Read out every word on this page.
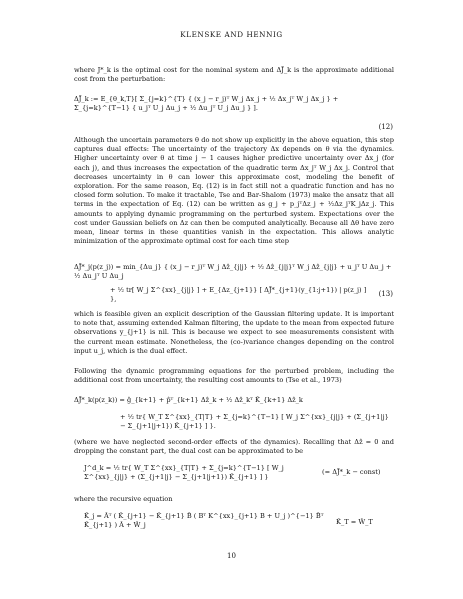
KLENSKE AND HENNIG
where J*_k is the optimal cost for the nominal system and ΔJ̃_k is the approximate additional cost from the perturbation:
ΔJ̃_k := E_{θ_k,T}[ Σ_{j=k}^{T} { (x_j − r_j)ᵀ W_j Δx_j + ½ Δx_jᵀ W_j Δx_j } + Σ_{j=k}^{T−1} { u_jᵀ U_j Δu_j + ½ Δu_jᵀ U_j Δu_j } ].
(12)
Although the uncertain parameters θ do not show up explicitly in the above equation, this step captures dual effects: The uncertainty of the trajectory Δx depends on θ via the dynamics. Higher uncertainty over θ at time j − 1 causes higher predictive uncertainty over Δx_j (for each j), and thus increases the expectation of the quadratic term Δx_jᵀ W_j Δx_j. Control that decreases uncertainty in θ can lower this approximate cost, modeling the benefit of exploration. For the same reason, Eq. (12) is in fact still not a quadratic function and has no closed form solution. To make it tractable, Tse and Bar-Shalom (1973) make the ansatz that all terms in the expectation of Eq. (12) can be written as g_j + p_jᵀΔz_j + ½Δz_jᵀK_jΔz_j. This amounts to applying dynamic programming on the perturbed system. Expectations over the cost under Gaussian beliefs on Δz can then be computed analytically. Because all Δθ have zero mean, linear terms in these quantities vanish in the expectation. This allows analytic minimization of the approximate optimal cost for each time step
ΔJ̃*_j(p(z_j)) = min_{Δu_j} { (x_j − r_j)ᵀ W_j Δẑ_{j|j} + ½ Δẑ_{j|j}ᵀ W_j Δẑ_{j|j} + u_jᵀ U Δu_j + ½ Δu_jᵀ U Δu_j
+ ½ tr[ W_j Σ^{xx}_{j|j} ] + E_{Δz_{j+1}} [ ΔJ̃*_{j+1}(y_{1:j+1}) | p(z_j) ] },
(13)
which is feasible given an explicit description of the Gaussian filtering update. It is important to note that, assuming extended Kalman filtering, the update to the mean from expected future observations y_{j+1} is nil. This is because we expect to see measurements consistent with the current mean estimate. Nonetheless, the (co-)variance changes depending on the control input u_j, which is the dual effect.
Following the dynamic programming equations for the perturbed problem, including the additional cost from uncertainty, the resulting cost amounts to (Tse et al., 1973)
ΔJ̃*_k(p(z_k)) = ĝ_{k+1} + p̂ᵀ_{k+1} Δẑ_k + ½ Δẑ_kᵀ K̂_{k+1} Δẑ_k
+ ½ tr{ W_T Σ^{xx}_{T|T} + Σ_{j=k}^{T−1} [ W_j Σ^{xx}_{j|j} + (Σ_{j+1|j} − Σ_{j+1|j+1}) K̂_{j+1} ] }.
(where we have neglected second-order effects of the dynamics). Recalling that Δẑ = 0 and dropping the constant part, the dual cost can be approximated to be
J^d_k = ½ tr{ W_T Σ^{xx}_{T|T} + Σ_{j=k}^{T−1} [ W_j Σ^{xx}_{j|j} + (Σ_{j+1|j} − Σ_{j+1|j+1}) K̂_{j+1} ] }
(= ΔJ̃*_k − const)
where the recursive equation
K̂_j = Âᵀ ( K̂_{j+1} − K̂_{j+1} B̂ ( Bᵀ K^{xx}_{j+1} B + U_j )^{−1} B̂ᵀ K̂_{j+1} ) Â + Ŵ_j	K̂_T = Ŵ_T
10
